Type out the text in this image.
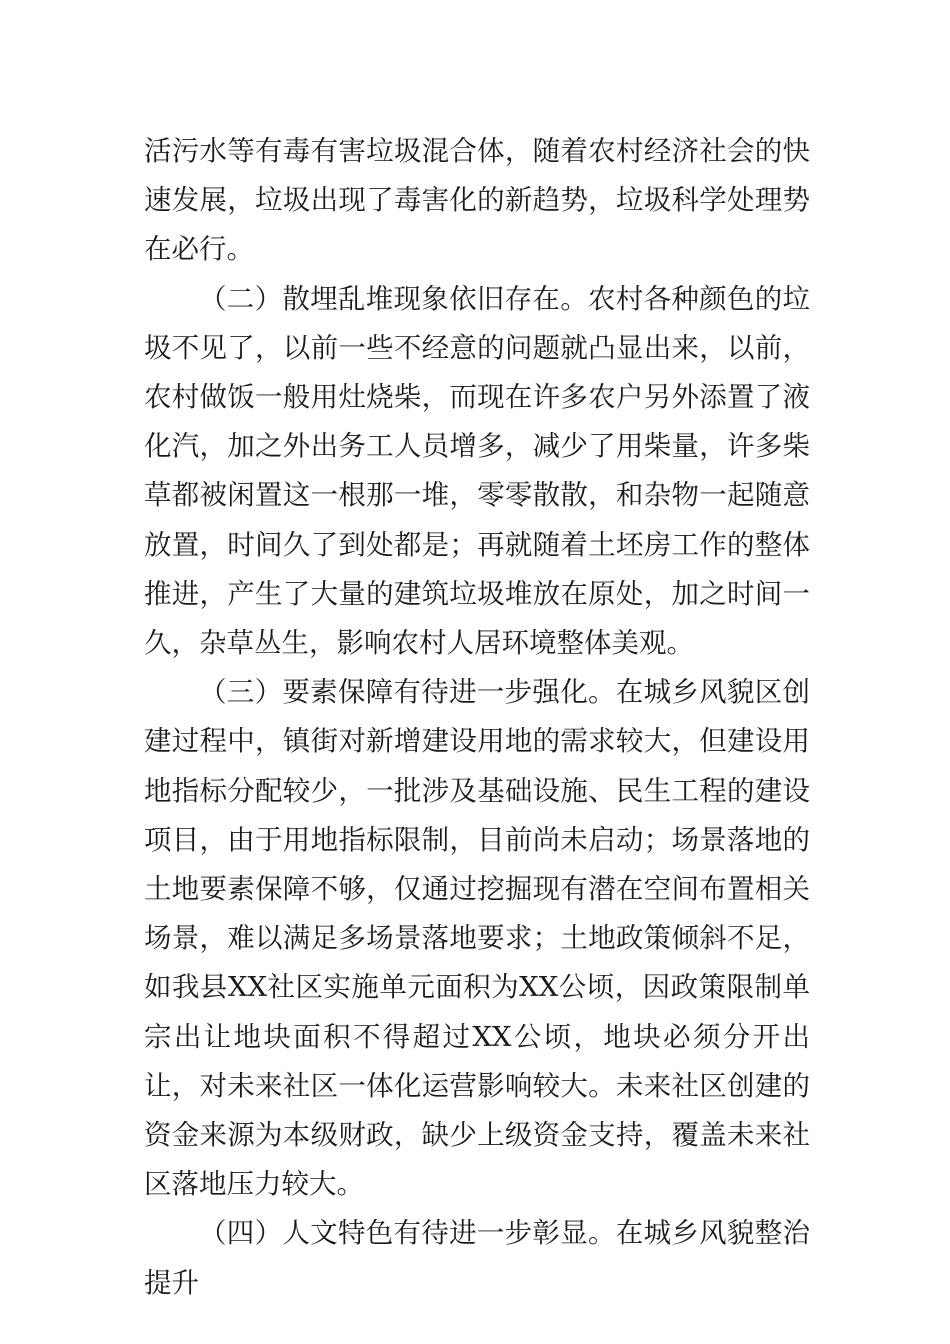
活污水等有毒有害垃圾混合体，随着农村经济社会的快速发展，垃圾出现了毒害化的新趋势，垃圾科学处理势在必行。

（二）散埋乱堆现象依旧存在。农村各种颜色的垃圾不见了，以前一些不经意的问题就凸显出来，以前，农村做饭一般用灶烧柴，而现在许多农户另外添置了液化汽，加之外出务工人员增多，减少了用柴量，许多柴草都被闲置这一根那一堆，零零散散，和杂物一起随意放置，时间久了到处都是；再就随着土坯房工作的整体推进，产生了大量的建筑垃圾堆放在原处，加之时间一久，杂草丛生，影响农村人居环境整体美观。

（三）要素保障有待进一步强化。在城乡风貌区创建过程中，镇街对新增建设用地的需求较大，但建设用地指标分配较少，一批涉及基础设施、民生工程的建设项目，由于用地指标限制，目前尚未启动；场景落地的土地要素保障不够，仅通过挖掘现有潜在空间布置相关场景，难以满足多场景落地要求；土地政策倾斜不足，如我县XX社区实施单元面积为XX公顷，因政策限制单宗出让地块面积不得超过XX公顷，地块必须分开出让，对未来社区一体化运营影响较大。未来社区创建的资金来源为本级财政，缺少上级资金支持，覆盖未来社区落地压力较大。

（四）人文特色有待进一步彰显。在城乡风貌整治提升
